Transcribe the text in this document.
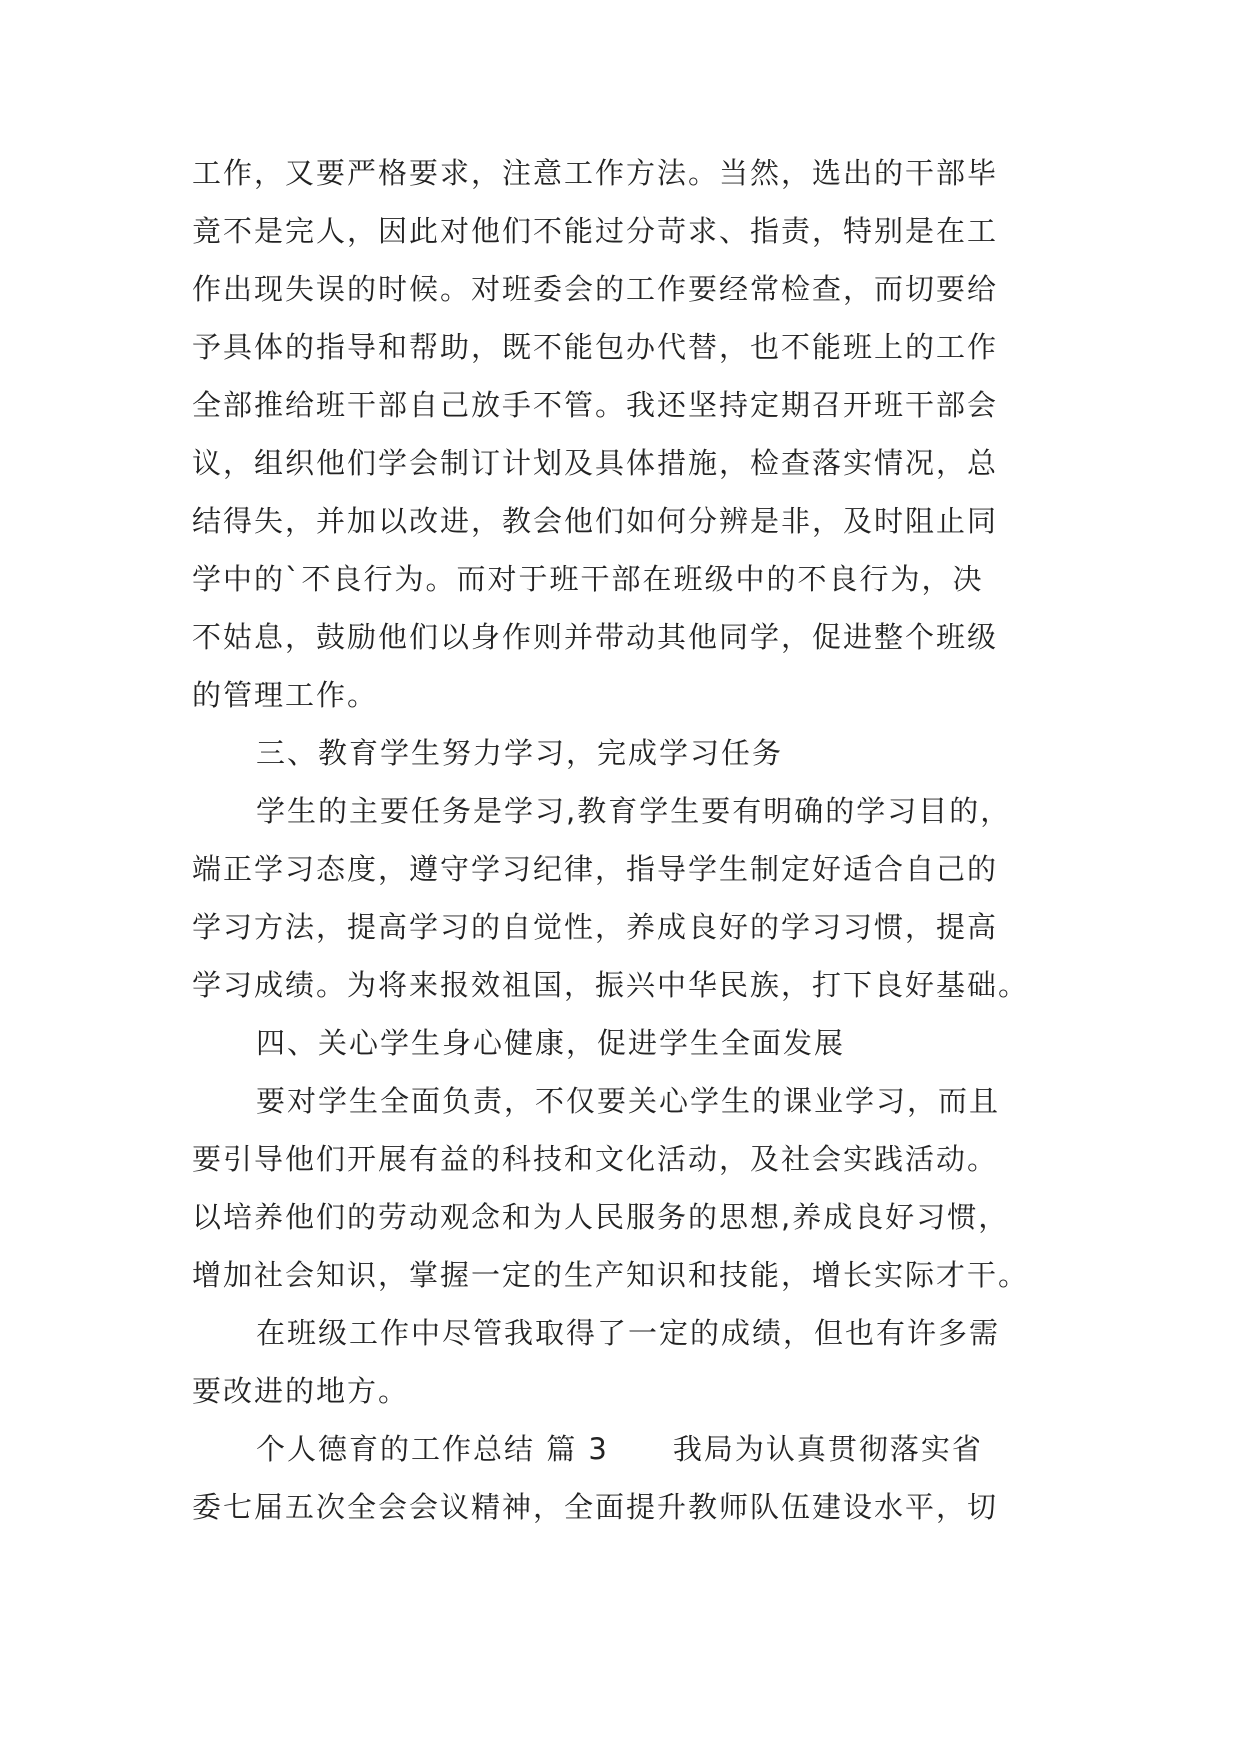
工作，又要严格要求，注意工作方法。当然，选出的干部毕
竟不是完人，因此对他们不能过分苛求、指责，特别是在工
作出现失误的时候。对班委会的工作要经常检查，而切要给
予具体的指导和帮助，既不能包办代替，也不能班上的工作
全部推给班干部自己放手不管。我还坚持定期召开班干部会
议，组织他们学会制订计划及具体措施，检查落实情况，总
结得失，并加以改进，教会他们如何分辨是非，及时阻止同
学中的`不良行为。而对于班干部在班级中的不良行为，决
不姑息，鼓励他们以身作则并带动其他同学，促进整个班级
的管理工作。
三、教育学生努力学习，完成学习任务
学生的主要任务是学习,教育学生要有明确的学习目的，
端正学习态度，遵守学习纪律，指导学生制定好适合自己的
学习方法，提高学习的自觉性，养成良好的学习习惯，提高
学习成绩。为将来报效祖国，振兴中华民族，打下良好基础。
四、关心学生身心健康，促进学生全面发展
要对学生全面负责，不仅要关心学生的课业学习，而且
要引导他们开展有益的科技和文化活动，及社会实践活动。
以培养他们的劳动观念和为人民服务的思想,养成良好习惯，
增加社会知识，掌握一定的生产知识和技能，增长实际才干。
在班级工作中尽管我取得了一定的成绩，但也有许多需
要改进的地方。
个人德育的工作总结 篇 3 我局为认真贯彻落实省
委七届五次全会会议精神，全面提升教师队伍建设水平，切
